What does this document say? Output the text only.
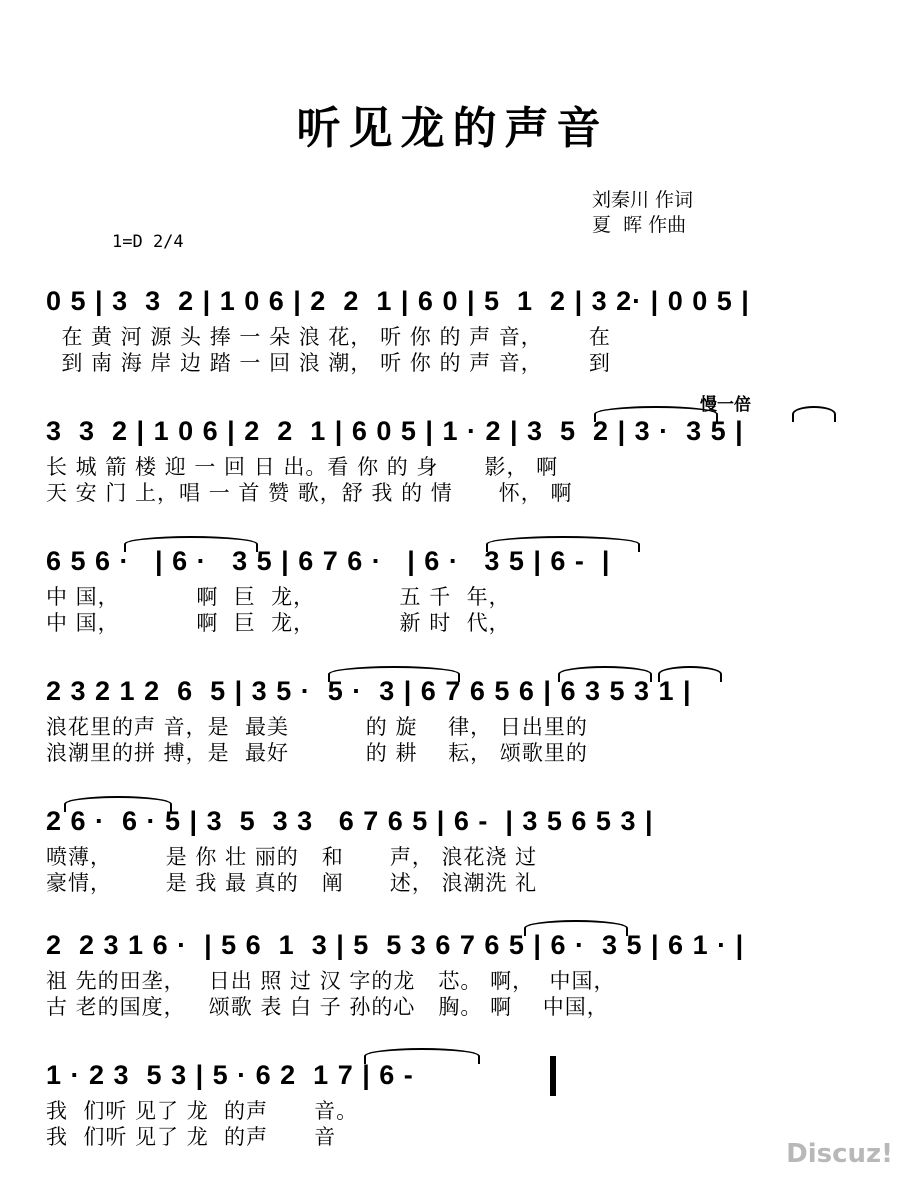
听见龙的声音
刘秦川 作词
夏  晖 作曲
1=D 2/4
慢一倍
0 5 | 3  3  2 | 1 0 6 | 2  2  1 | 6 0 | 5  1  2 | 3 2· | 0 0 5 |
在 黄 河 源 头 捧 一 朵 浪 花， 听 你 的 声 音，      在
到 南 海 岸 边 踏 一 回 浪 潮， 听 你 的 声 音，      到
3  3  2 | 1 0 6 | 2  2  1 | 6 0 5 | 1 · 2 | 3  5  2 | 3 ·  3 5 |
长 城 箭 楼 迎 一 回 日 出。看 你 的 身      影， 啊
天 安 门 上，唱 一 首 赞 歌，舒 我 的 情      怀， 啊
6 5 6 ·   | 6 ·   3 5 | 6 7 6 ·   | 6 ·   3 5 | 6 -  |
中 国，          啊  巨  龙，           五 千  年，
中 国，          啊  巨  龙，           新 时  代，
2 3 2 1 2  6  5 | 3 5 ·  5 ·  3 | 6 7 6 5 6 | 6 3 5 3 1 |
浪花里的声 音，是  最美          的 旋    律， 日出里的
浪潮里的拼 搏，是  最好          的 耕    耘， 颂歌里的
2 6 ·  6 · 5 | 3  5  3 3   6 7 6 5 | 6 -  | 3 5 6 5 3 |
喷薄，       是 你 壮 丽的   和      声， 浪花浇 过
豪情，       是 我 最 真的   阐      述， 浪潮洗 礼
2  2 3 1 6 ·  | 5 6  1  3 | 5  5 3 6 7 6 5 | 6 ·  3 5 | 6 1 · |
祖 先的田垄，   日出 照 过 汉 字的龙   芯。 啊，  中国，
古 老的国度，   颂歌 表 白 子 孙的心   胸。 啊    中国，
1 · 2 3  5 3 | 5 · 6 2  1 7 | 6 -
我  们听 见了 龙  的声      音。
我  们听 见了 龙  的声      音
Discuz!
